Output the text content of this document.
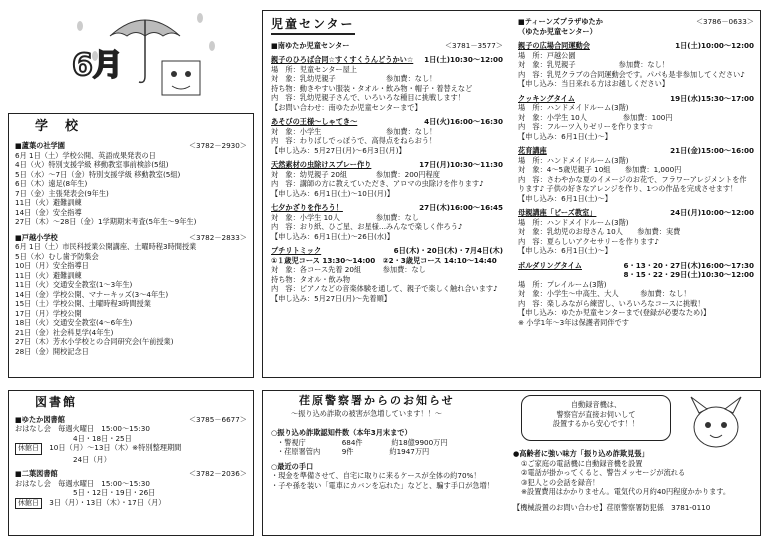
6月
学　校
■蘆葉の社学園	＜3782－2930＞
6月 1日（土）学校公開、英語成果発表の日
4日（火）特別支援学級 移動教室事前検診(5組)
5日（水）～7日（金）特別支援学級 移動教室(5組)
6日（木）遠足(8年生)
7日（金）主張発表会(9年生)
11日（火）避難訓練
14日（金）安全指導
27日（木）～28日（金）1学期期末考査(5年生～9年生)
■戸越小学校	＜3782－2833＞
6月 1日（土）市民科授業公開講座、土曜時程3時間授業
5日（水）むし歯予防集会
10日（月）安全指導日
11日（火）避難訓練
11日（火）交通安全教室(1～3年生)
14日（金）学校公開、マナーキッズ(3～4年生)
15日（土）学校公開、土曜時程3時間授業
17日（月）学校公開
18日（火）交通安全教室(4～6年生)
21日（金）社会科見学(4年生)
27日（木）芳水小学校との合同研究会(午前授業)
28日（金）開校記念日
図書館
■ゆたか図書館	＜3785－6677＞
おはなし会　 毎週火曜日　15:00～15:30
4日・18日・25日
休館日　 10日（月）～13日（木）※特別整理期間
24日（月）
■二葉図書館	＜3782－2036＞
おはなし会　 毎週水曜日　15:00～15:30
5日・12日・19日・26日
休館日　 3日（月）・13日（木）・17日（月）
児童センター
■南ゆたか児童センター	＜3781－3577＞
親子のひろば合同☆すくすくうんどうかい☆ 1日(土)10:30～12:00
場　所：児童センター屋上
対　象：乳幼児親子　　　　　　　参加費：なし！
持ち物：動きやすい服装・タオル・飲み物・帽子・着替えなど
内　容：乳幼児親子さんで、いろいろな種目に挑戦します！
【お問い合わせ：南ゆたか児童センターまで】
あそびの王様～しゃてき～	4日(火)16:00～16:30
対　象：小学生　　　　　　　　　参加費：なし！
内　容：わりばしでっぽうで、高得点をねらおう！
【申し込み：5月27日(月)～6月3日(月)】
天然素材の虫除けスプレー作り	17日(月)10:30～11:30
対　象：幼児親子 20組　　　　参加費：200円程度
内　容：講師の方に教えていただき、アロマの虫除けを作ります♪
【申し込み：6月1日(土)～10日(月)】
七夕かざりを作ろう！	27日(木)16:00～16:45
対　象：小学生 10人　　　　　参加費：なし
内　容：おり紙、ひご星、お星様…みんなで楽しく作ろう♪
【申し込み：6月1日(土)～26日(水)】
プチリトミック	6日(木)・20日(木)・7月4日(木)
①１歳児コース 13:30～14:00　②2・3歳児コース 14:10～14:40
対　象：各コース先着 20組　　　参加費：なし
持ち物：タオル・飲み物
内　容：ピアノなどの音楽体験を通して、親子で楽しく触れ合います♪
【申し込み：5月27日(月)～先着順】
■ティーンズプラザゆたか	＜3786－0633＞
（ゆたか児童センター）
親子の広場合同運動会	1日(土)10:00～12:00
場　所：戸越公園
対　象：乳児親子　　　　　　参加費：なし！
内　容：乳児クラブの合同運動会です。パパも是非参加してください♪
【申し込み：当日来れる方はお越しください】
クッキングタイム	19日(水)15:30～17:00
場　所：ハンドメイドルーム(3階)
対　象：小学生 10人　　　　　参加費：100円
内　容：フルーツ入りゼリーを作ります☆
【申し込み：6月1日(土)～】
花育講座	21日(金)15:00～16:00
場　所：ハンドメイドルーム(3階)
対　象：4～5歳児親子 10組　　参加費：1,000円
内　容：さわやかな夏のイメージのお花で、フラワーアレジメントを作
ります♪ 子供の好きなアレンジを作り、1つの作品を完成させます！
【申し込み：6月1日(土)～】
母親講座「ビーズ教室」	24日(月)10:00～12:00
場　所：ハンドメイドルーム(3階)
対　象：乳幼児のお母さん 10人　　参加費：実費
内　容：夏らしいアクセサリーを作ります♪
【申し込み：6月1日(土)～】
ボルダリングタイム	6・13・20・27日(木)16:00～17:30
8・15・22・29日(土)10:30～12:00
場　所：プレイルーム(3階)
対　象：小学生～中高生、大人　　　参加費：なし！
内　容：楽しみながら練習し、いろいろなコースに挑戦！
【申し込み：ゆたか児童センターまで(登録が必要なため)】
※ 小学1年～3年は保護者同伴です
荏原警察署からのお知らせ
～振り込め詐欺の被害が急増しています！！～
自動録音機は、
警察官が直接お伺いして
設置するから安心です！！
○振り込め詐欺認知件数（本年3月末まで）
・警視庁　　　　　684件　　　　約18億9900万円
・荏原署管内　　　9件　　　　　約1947万円
○最近の手口
・現金を準備させて、自宅に取りに来るケースが全体の約70%！
・子や孫を装い「電車にカバンを忘れた」などと、騙す手口が急増！
●高齢者に強い味方「振り込め詐欺見張」
①ご家庭の電話機に自動録音機を設置
②電話が掛かってくると、警告メッセージが流れる
③犯人との会話を録音！
※設置費用はかかりません。電気代の月約40円程度かかります。
【機械設置のお問い合わせ】荏原警察署防犯係　3781-0110
